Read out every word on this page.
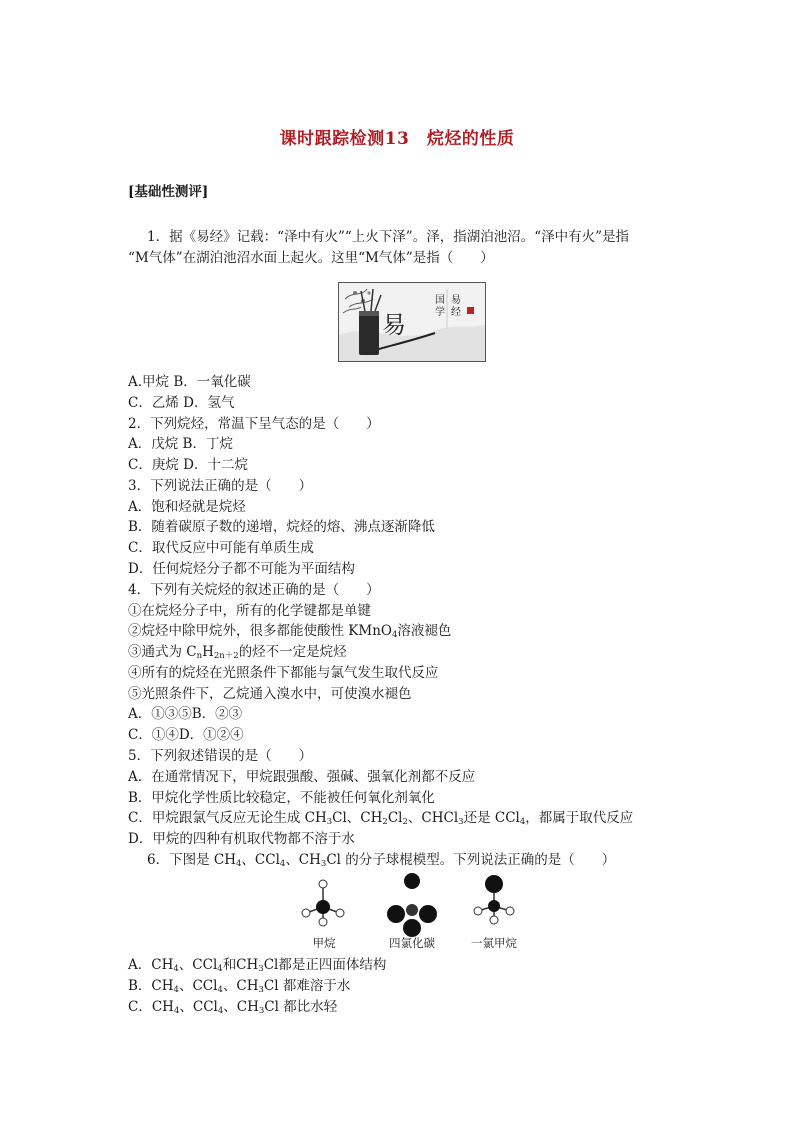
课时跟踪检测13　烷烃的性质
[基础性测评]
1．据《易经》记载：“泽中有火”“上火下泽”。泽，指湖泊池沼。“泽中有火”是指
“M气体”在湖泊池沼水面上起火。这里“M气体”是指（　　）
易
国
学
易
经
A.甲烷 B．一氧化碳
C．乙烯 D．氢气
2．下列烷烃，常温下呈气态的是（　　）
A．戊烷 B．丁烷
C．庚烷 D．十二烷
3．下列说法正确的是（　　）
A．饱和烃就是烷烃
B．随着碳原子数的递增，烷烃的熔、沸点逐渐降低
C．取代反应中可能有单质生成
D．任何烷烃分子都不可能为平面结构
4．下列有关烷烃的叙述正确的是（　　）
①在烷烃分子中，所有的化学键都是单键
②烷烃中除甲烷外，很多都能使酸性 KMnO$_4$溶液褪色
③通式为 $C_nH_{2n+2}$的烃不一定是烷烃
④所有的烷烃在光照条件下都能与氯气发生取代反应
⑤光照条件下，乙烷通入溴水中，可使溴水褪色
A．①③⑤B．②③
C．①④D．①②④
5．下列叙述错误的是（　　）
A．在通常情况下，甲烷跟强酸、强碱、强氧化剂都不反应
B．甲烷化学性质比较稳定，不能被任何氧化剂氧化
C．甲烷跟氯气反应无论生成 $CH_3Cl$、$CH_2Cl_2$、CHCl$_3$还是 CCl$_4$，都属于取代反应
D．甲烷的四种有机取代物都不溶于水
6．下图是 $CH_4$、CCl$_4$、$CH_3Cl$ 的分子球棍模型。下列说法正确的是（　　）
甲烷	四氯化碳	一氯甲烷
A．$CH_4$、CCl$_4$和$CH_3Cl$都是正四面体结构
B．$CH_4$、CCl$_4$、$CH_3Cl$ 都难溶于水
C．$CH_4$、CCl$_4$、$CH_3Cl$ 都比水轻
